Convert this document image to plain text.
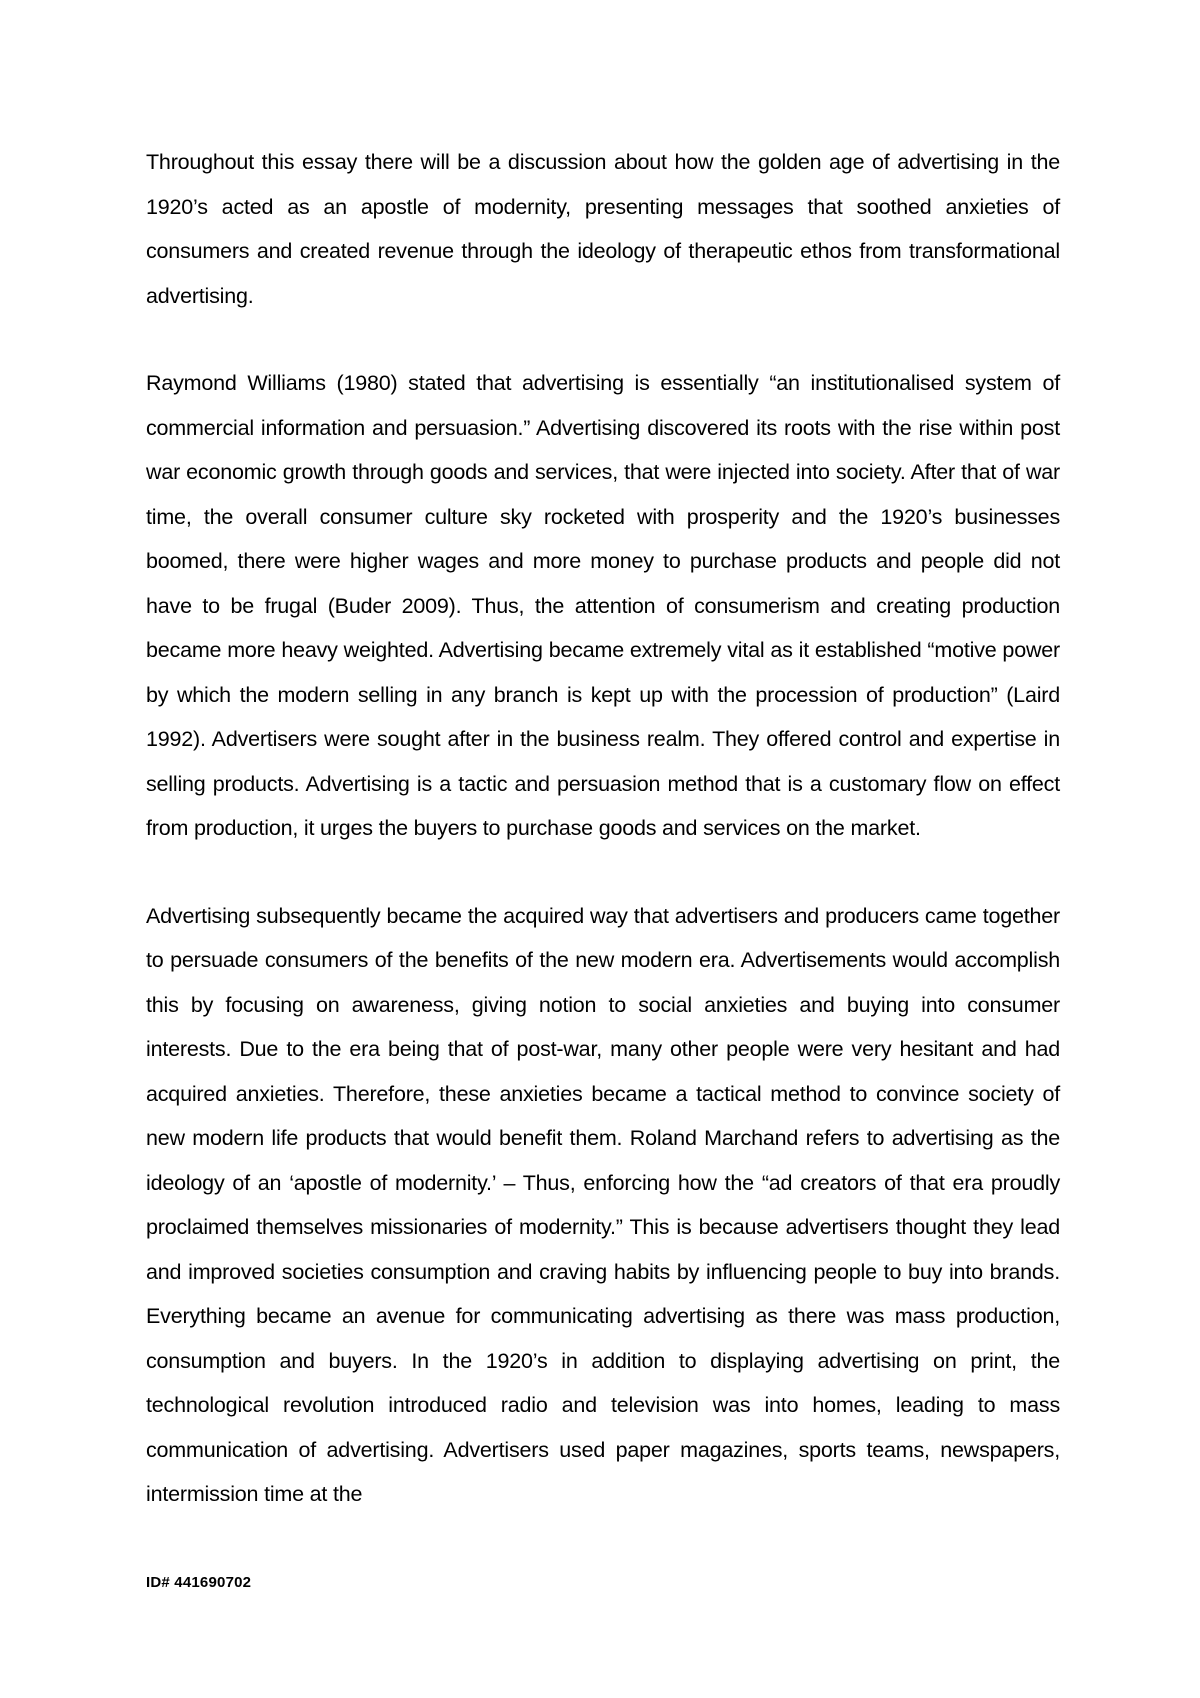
Throughout this essay there will be a discussion about how the golden age of advertising in the 1920’s acted as an apostle of modernity, presenting messages that soothed anxieties of consumers and created revenue through the ideology of therapeutic ethos from transformational advertising.

Raymond Williams (1980) stated that advertising is essentially “an institutionalised system of commercial information and persuasion.” Advertising discovered its roots with the rise within post war economic growth through goods and services, that were injected into society. After that of war time, the overall consumer culture sky rocketed with prosperity and the 1920’s businesses boomed, there were higher wages and more money to purchase products and people did not have to be frugal (Buder 2009). Thus, the attention of consumerism and creating production became more heavy weighted. Advertising became extremely vital as it established “motive power by which the modern selling in any branch is kept up with the procession of production” (Laird 1992). Advertisers were sought after in the business realm. They offered control and expertise in selling products. Advertising is a tactic and persuasion method that is a customary flow on effect from production, it urges the buyers to purchase goods and services on the market.

Advertising subsequently became the acquired way that advertisers and producers came together to persuade consumers of the benefits of the new modern era. Advertisements would accomplish this by focusing on awareness, giving notion to social anxieties and buying into consumer interests. Due to the era being that of post-war, many other people were very hesitant and had acquired anxieties. Therefore, these anxieties became a tactical method to convince society of new modern life products that would benefit them. Roland Marchand refers to advertising as the ideology of an ‘apostle of modernity.’ – Thus, enforcing how the “ad creators of that era proudly proclaimed themselves missionaries of modernity.” This is because advertisers thought they lead and improved societies consumption and craving habits by influencing people to buy into brands. Everything became an avenue for communicating advertising as there was mass production, consumption and buyers. In the 1920’s in addition to displaying advertising on print, the technological revolution introduced radio and television was into homes, leading to mass communication of advertising. Advertisers used paper magazines, sports teams, newspapers, intermission time at the

ID# 441690702
